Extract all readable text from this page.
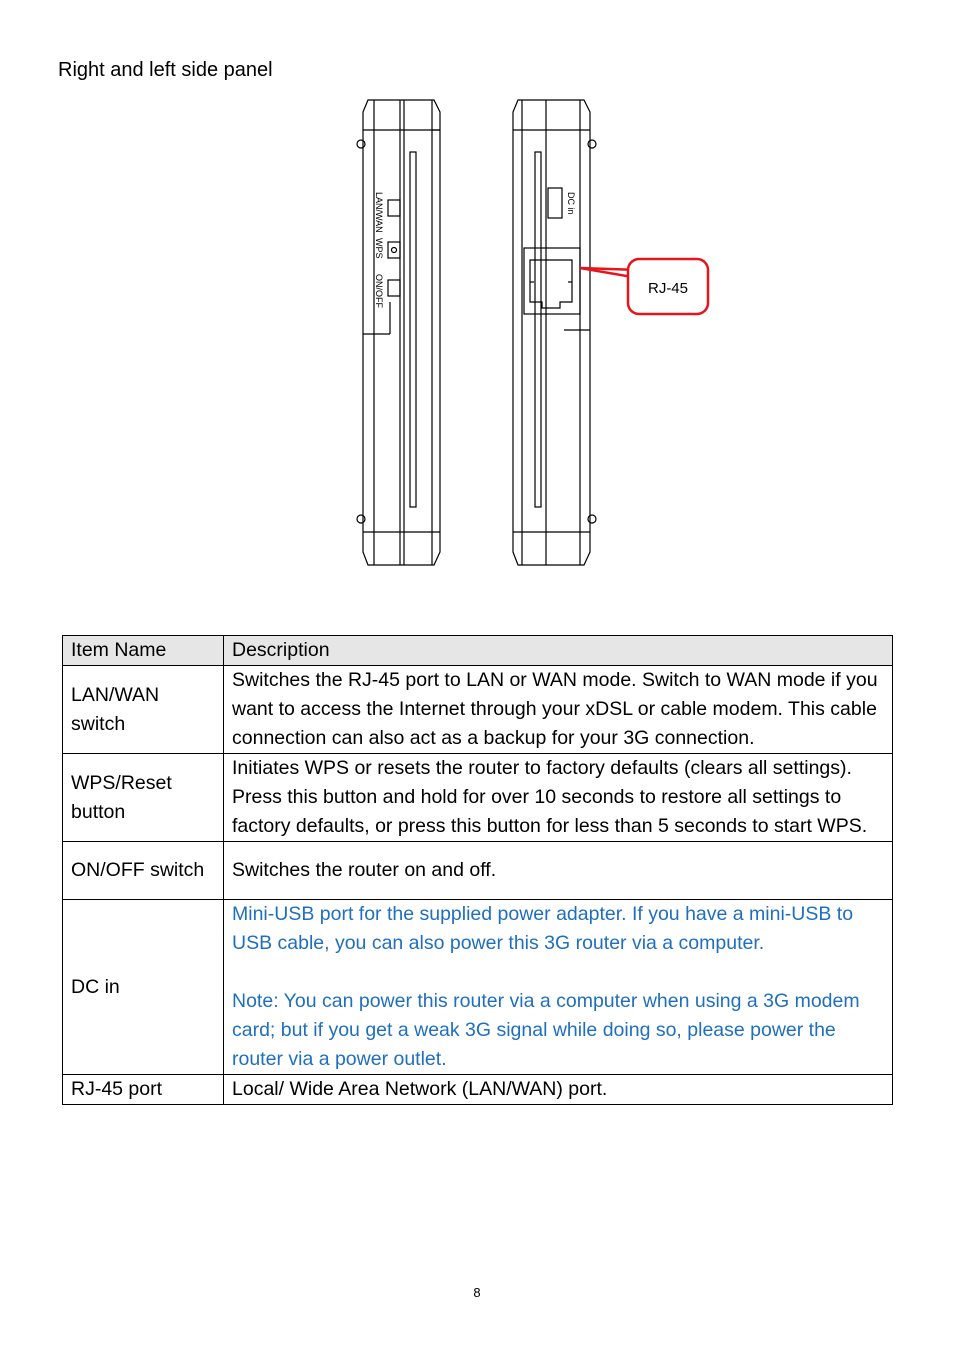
Right and left side panel
LAN/WAN
WPS
ON/OFF
DC in
RJ-45
Item Name	Description
LAN/WAN switch	Switches the RJ-45 port to LAN or WAN mode. Switch to WAN mode if you want to access the Internet through your xDSL or cable modem. This cable connection can also act as a backup for your 3G connection.
WPS/Reset button	Initiates WPS or resets the router to factory defaults (clears all settings). Press this button and hold for over 10 seconds to restore all settings to factory defaults, or press this button for less than 5 seconds to start WPS.
ON/OFF switch	Switches the router on and off.
DC in	Mini-USB port for the supplied power adapter. If you have a mini-USB to USB cable, you can also power this 3G router via a computer.
Note: You can power this router via a computer when using a 3G modem card; but if you get a weak 3G signal while doing so, please power the router via a power outlet.

RJ-45 port	Local/ Wide Area Network (LAN/WAN) port.
8
